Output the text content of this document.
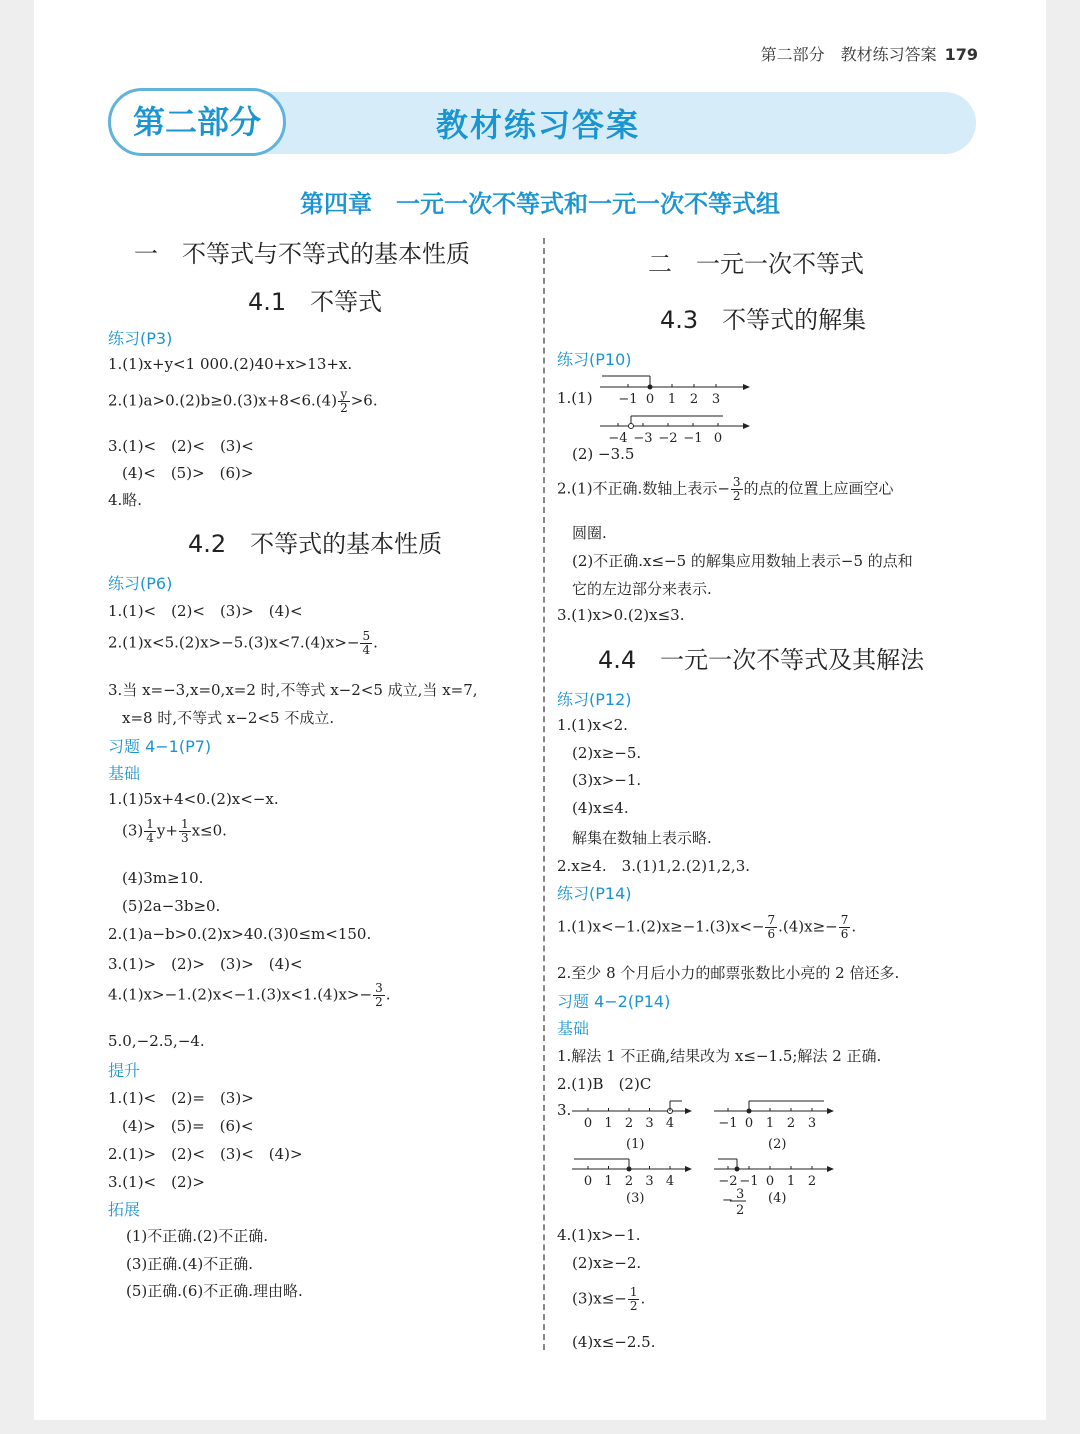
第二部分　教材练习答案 179
第二部分	教材练习答案
第四章　一元一次不等式和一元一次不等式组
一　不等式与不等式的基本性质
4.1　不等式
练习(P3)
1.(1)x+y<1 000.(2)40+x>13+x.
$2.(1)a>0.(2)b\ge 0.(3)x+8<6.(4) \frac{y}{2} >6$.
3.(1)<　(2)<　(3)<
(4)<　(5)>　(6)>
4.略.
4.2　不等式的基本性质
练习(P6)
1.(1)<　(2)<　(3)>　(4)<
$2.(1)x<5.(2)x>-5.(3)x<7.(4)x>- \frac{5}{4}$ .
3.当 x=−3,x=0,x=2 时,不等式 x−2<5 成立,当 x=7,
x=8 时,不等式 x−2<5 不成立.
习题 4−1(P7)
基础
1.(1)5x+4<0.(2)x<−x.
$(3) \frac{1}{4} y+ \frac{1}{3} x\le 0$.
(4)3m≥10.
(5)2a−3b≥0.
2.(1)a−b>0.(2)x>40.(3)0≤m<150.
3.(1)>　(2)>　(3)>　(4)<
$4.(1)x>-1.(2)x<-1.(3)x<1.(4)x>- \frac{3}{2}$ .
5.0,−2.5,−4.
提升
1.(1)<　(2)=　(3)>
(4)>　(5)=　(6)<
2.(1)>　(2)<　(3)<　(4)>
3.(1)<　(2)>
拓展
(1)不正确.(2)不正确.
(3)正确.(4)不正确.
(5)正确.(6)不正确.理由略.
二　一元一次不等式
4.3　不等式的解集
练习(P10)
1.(1) −1 0 1 2 3
−4 −3 −2 −1 0
(2) −3.5
2.(1)不正确.数轴上表示− $\frac{3}{2}$ 的点的位置上应画空心
圆圈.
(2)不正确.x≤−5 的解集应用数轴上表示−5 的点和
它的左边部分来表示.
3.(1)x>0.(2)x≤3.
4.4　一元一次不等式及其解法
练习(P12)
1.(1)x<2.
(2)x≥−5.
(3)x>−1.
(4)x≤4.
解集在数轴上表示略.
2.x≥4.　3.(1)1,2.(2)1,2,3.
练习(P14)
$1.(1)x<-1.(2)x\ge-1.(3)x<- \frac{7}{6} .(4)x\ge- \frac{7}{6}$ .
2.至少 8 个月后小力的邮票张数比小亮的 2 倍还多.
习题 4−2(P14)
基础
1.解法 1 不正确,结果改为 x≤−1.5;解法 2 正确.
2.(1)B　(2)C
3.
0 1 2 3 4
(1)
−1 0 1 2 3
(2)
0 1 2 3 4
(3)
−2 −1 0 1 2
3
2
−	(4)
4.(1)x>−1.
(2)x≥−2.
$(3)x\le- \frac{1}{2}$ .
(4)x≤−2.5.
